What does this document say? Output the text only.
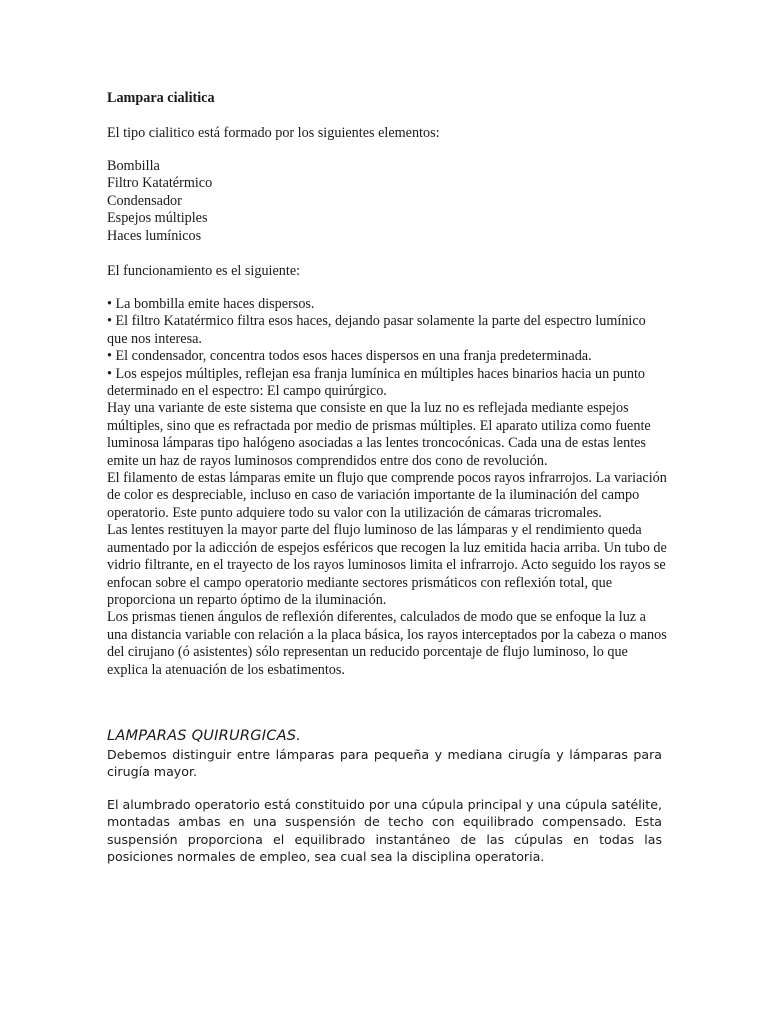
Lampara cialitica
El tipo cialitico está formado por los siguientes elementos:
Bombilla
Filtro Katatérmico
Condensador
Espejos múltiples
Haces lumínicos
El funcionamiento es el siguiente:
• La bombilla emite haces dispersos.
• El filtro Katatérmico filtra esos haces, dejando pasar solamente la parte del espectro lumínico que nos interesa.
• El condensador, concentra todos esos haces dispersos en una franja predeterminada.
• Los espejos múltiples, reflejan esa franja lumínica en múltiples haces binarios hacia un punto determinado en el espectro: El campo quirúrgico.

Hay una variante de este sistema que consiste en que la luz no es reflejada mediante espejos múltiples, sino que es refractada por medio de prismas múltiples. El aparato utiliza como fuente luminosa lámparas tipo halógeno asociadas a las lentes troncocónicas. Cada una de estas lentes emite un haz de rayos luminosos comprendidos entre dos cono de revolución.

El filamento de estas lámparas emite un flujo que comprende pocos rayos infrarrojos. La variación de color es despreciable, incluso en caso de variación importante de la iluminación del campo operatorio. Este punto adquiere todo su valor con la utilización de cámaras tricromales.

Las lentes restituyen la mayor parte del flujo luminoso de las lámparas y el rendimiento queda aumentado por la adicción de espejos esféricos que recogen la luz emitida hacia arriba. Un tubo de vidrio filtrante, en el trayecto de los rayos luminosos limita el infrarrojo. Acto seguido los rayos se enfocan sobre el campo operatorio mediante sectores prismáticos con reflexión total, que proporciona un reparto óptimo de la iluminación.

Los prismas tienen ángulos de reflexión diferentes, calculados de modo que se enfoque la luz a una distancia variable con relación a la placa básica, los rayos interceptados por la cabeza o manos del cirujano (ó asistentes) sólo representan un reducido porcentaje de flujo luminoso, lo que explica la atenuación de los esbatimentos.

LAMPARAS QUIRURGICAS.

Debemos distinguir entre lámparas para pequeña y mediana cirugía y lámparas para cirugía mayor.

El alumbrado operatorio está constituido por una cúpula principal y una cúpula satélite, montadas ambas en una suspensión de techo con equilibrado compensado. Esta suspensión proporciona el equilibrado instantáneo de las cúpulas en todas las posiciones normales de empleo, sea cual sea la disciplina operatoria.
